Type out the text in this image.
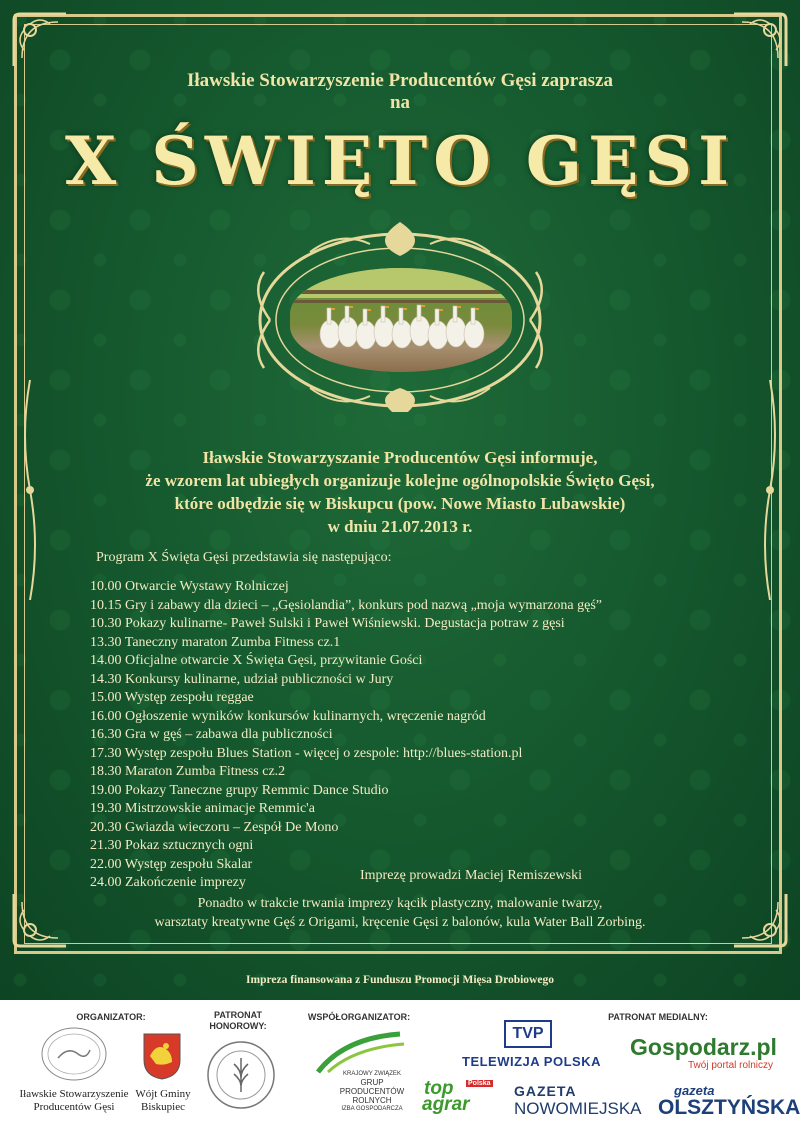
Iławskie Stowarzyszenie Producentów Gęsi zaprasza
na
X ŚWIĘTO GĘSI
Iławskie Stowarzyszanie Producentów Gęsi informuje,
że wzorem lat ubiegłych organizuje kolejne ogólnopolskie Święto Gęsi,
które odbędzie się w Biskupcu (pow. Nowe Miasto Lubawskie)
w dniu 21.07.2013 r.
Program X Święta Gęsi przedstawia się następująco:
10.00 Otwarcie Wystawy Rolniczej
10.15 Gry i zabawy dla dzieci – „Gęsiolandia”, konkurs pod nazwą „moja wymarzona gęś”
10.30 Pokazy kulinarne- Paweł Sulski i Paweł Wiśniewski. Degustacja potraw z gęsi
13.30 Taneczny maraton Zumba Fitness cz.1
14.00 Oficjalne otwarcie X Święta Gęsi, przywitanie Gości
14.30 Konkursy kulinarne, udział publiczności w Jury
15.00 Występ zespołu reggae
16.00 Ogłoszenie wyników konkursów kulinarnych, wręczenie nagród
16.30 Gra w gęś – zabawa dla publiczności
17.30 Występ zespołu Blues Station - więcej o zespole: http://blues-station.pl
18.30 Maraton Zumba Fitness cz.2
19.00 Pokazy Taneczne grupy Remmic Dance Studio
19.30 Mistrzowskie animacje Remmic'a
20.30 Gwiazda wieczoru – Zespół De Mono
21.30 Pokaz sztucznych ogni
22.00 Występ zespołu Skalar
24.00 Zakończenie imprezy	Imprezę prowadzi Maciej Remiszewski
Ponadto w trakcie trwania imprezy kącik plastyczny, malowanie twarzy,
warsztaty kreatywne Gęś z Origami, kręcenie Gęsi z balonów, kula Water Ball Zorbing.
Impreza finansowana z Funduszu Promocji Mięsa Drobiowego
ORGANIZATOR:
Iławskie Stowarzyszenie
Producentów Gęsi
Wójt Gminy
Biskupiec
PATRONAT
HONOROWY:
WSPÓŁORGANIZATOR:
KRAJOWY ZWIĄZEK
GRUP
PRODUCENTÓW
ROLNYCH
IZBA GOSPODARCZA
PATRONAT MEDIALNY:
TVP
TELEWIZJA POLSKA
Gospodarz.pl
Twój portal rolniczy
top
agrar
Polska GAZETA
NOWOMIEJSKA
gazeta
OLSZTYŃSKA
